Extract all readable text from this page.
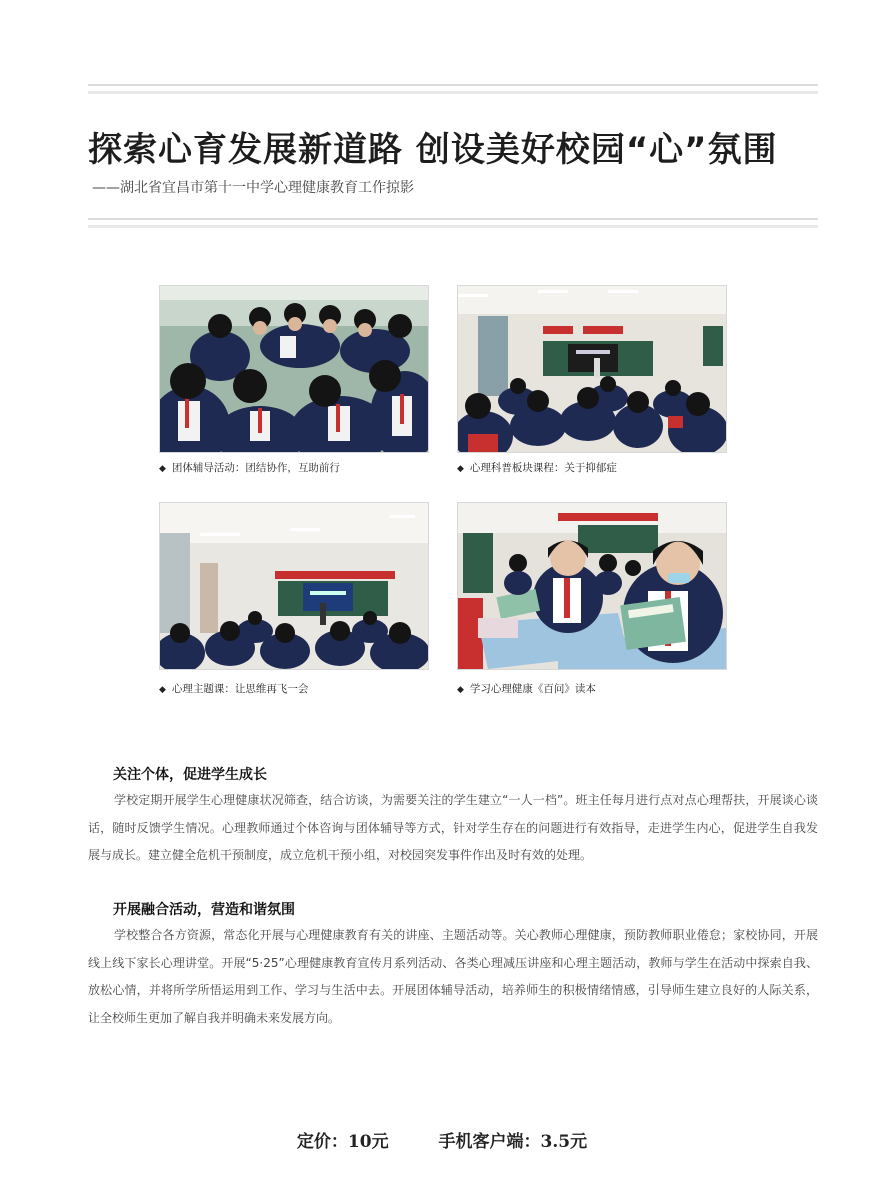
探索心育发展新道路 创设美好校园“心”氛围
——湖北省宜昌市第十一中学心理健康教育工作掠影
◆ 团体辅导活动：团结协作，互助前行	◆ 心理科普板块课程：关于抑郁症
◆ 心理主题课：让思维再飞一会	◆ 学习心理健康《百问》读本
关注个体，促进学生成长
学校定期开展学生心理健康状况筛查，结合访谈，为需要关注的学生建立“一人一档”。班主任每月进行点对点心理帮扶，开展谈心谈话，随时反馈学生情况。心理教师通过个体咨询与团体辅导等方式，针对学生存在的问题进行有效指导，走进学生内心，促进学生自我发展与成长。建立健全危机干预制度，成立危机干预小组，对校园突发事件作出及时有效的处理。
开展融合活动，营造和谐氛围
学校整合各方资源，常态化开展与心理健康教育有关的讲座、主题活动等。关心教师心理健康，预防教师职业倦怠；家校协同，开展线上线下家长心理讲堂。开展“5·25”心理健康教育宣传月系列活动、各类心理减压讲座和心理主题活动，教师与学生在活动中探索自我、放松心情，并将所学所悟运用到工作、学习与生活中去。开展团体辅导活动，培养师生的积极情绪情感，引导师生建立良好的人际关系，让全校师生更加了解自我并明确未来发展方向。
定价：10元	手机客户端：3.5元
